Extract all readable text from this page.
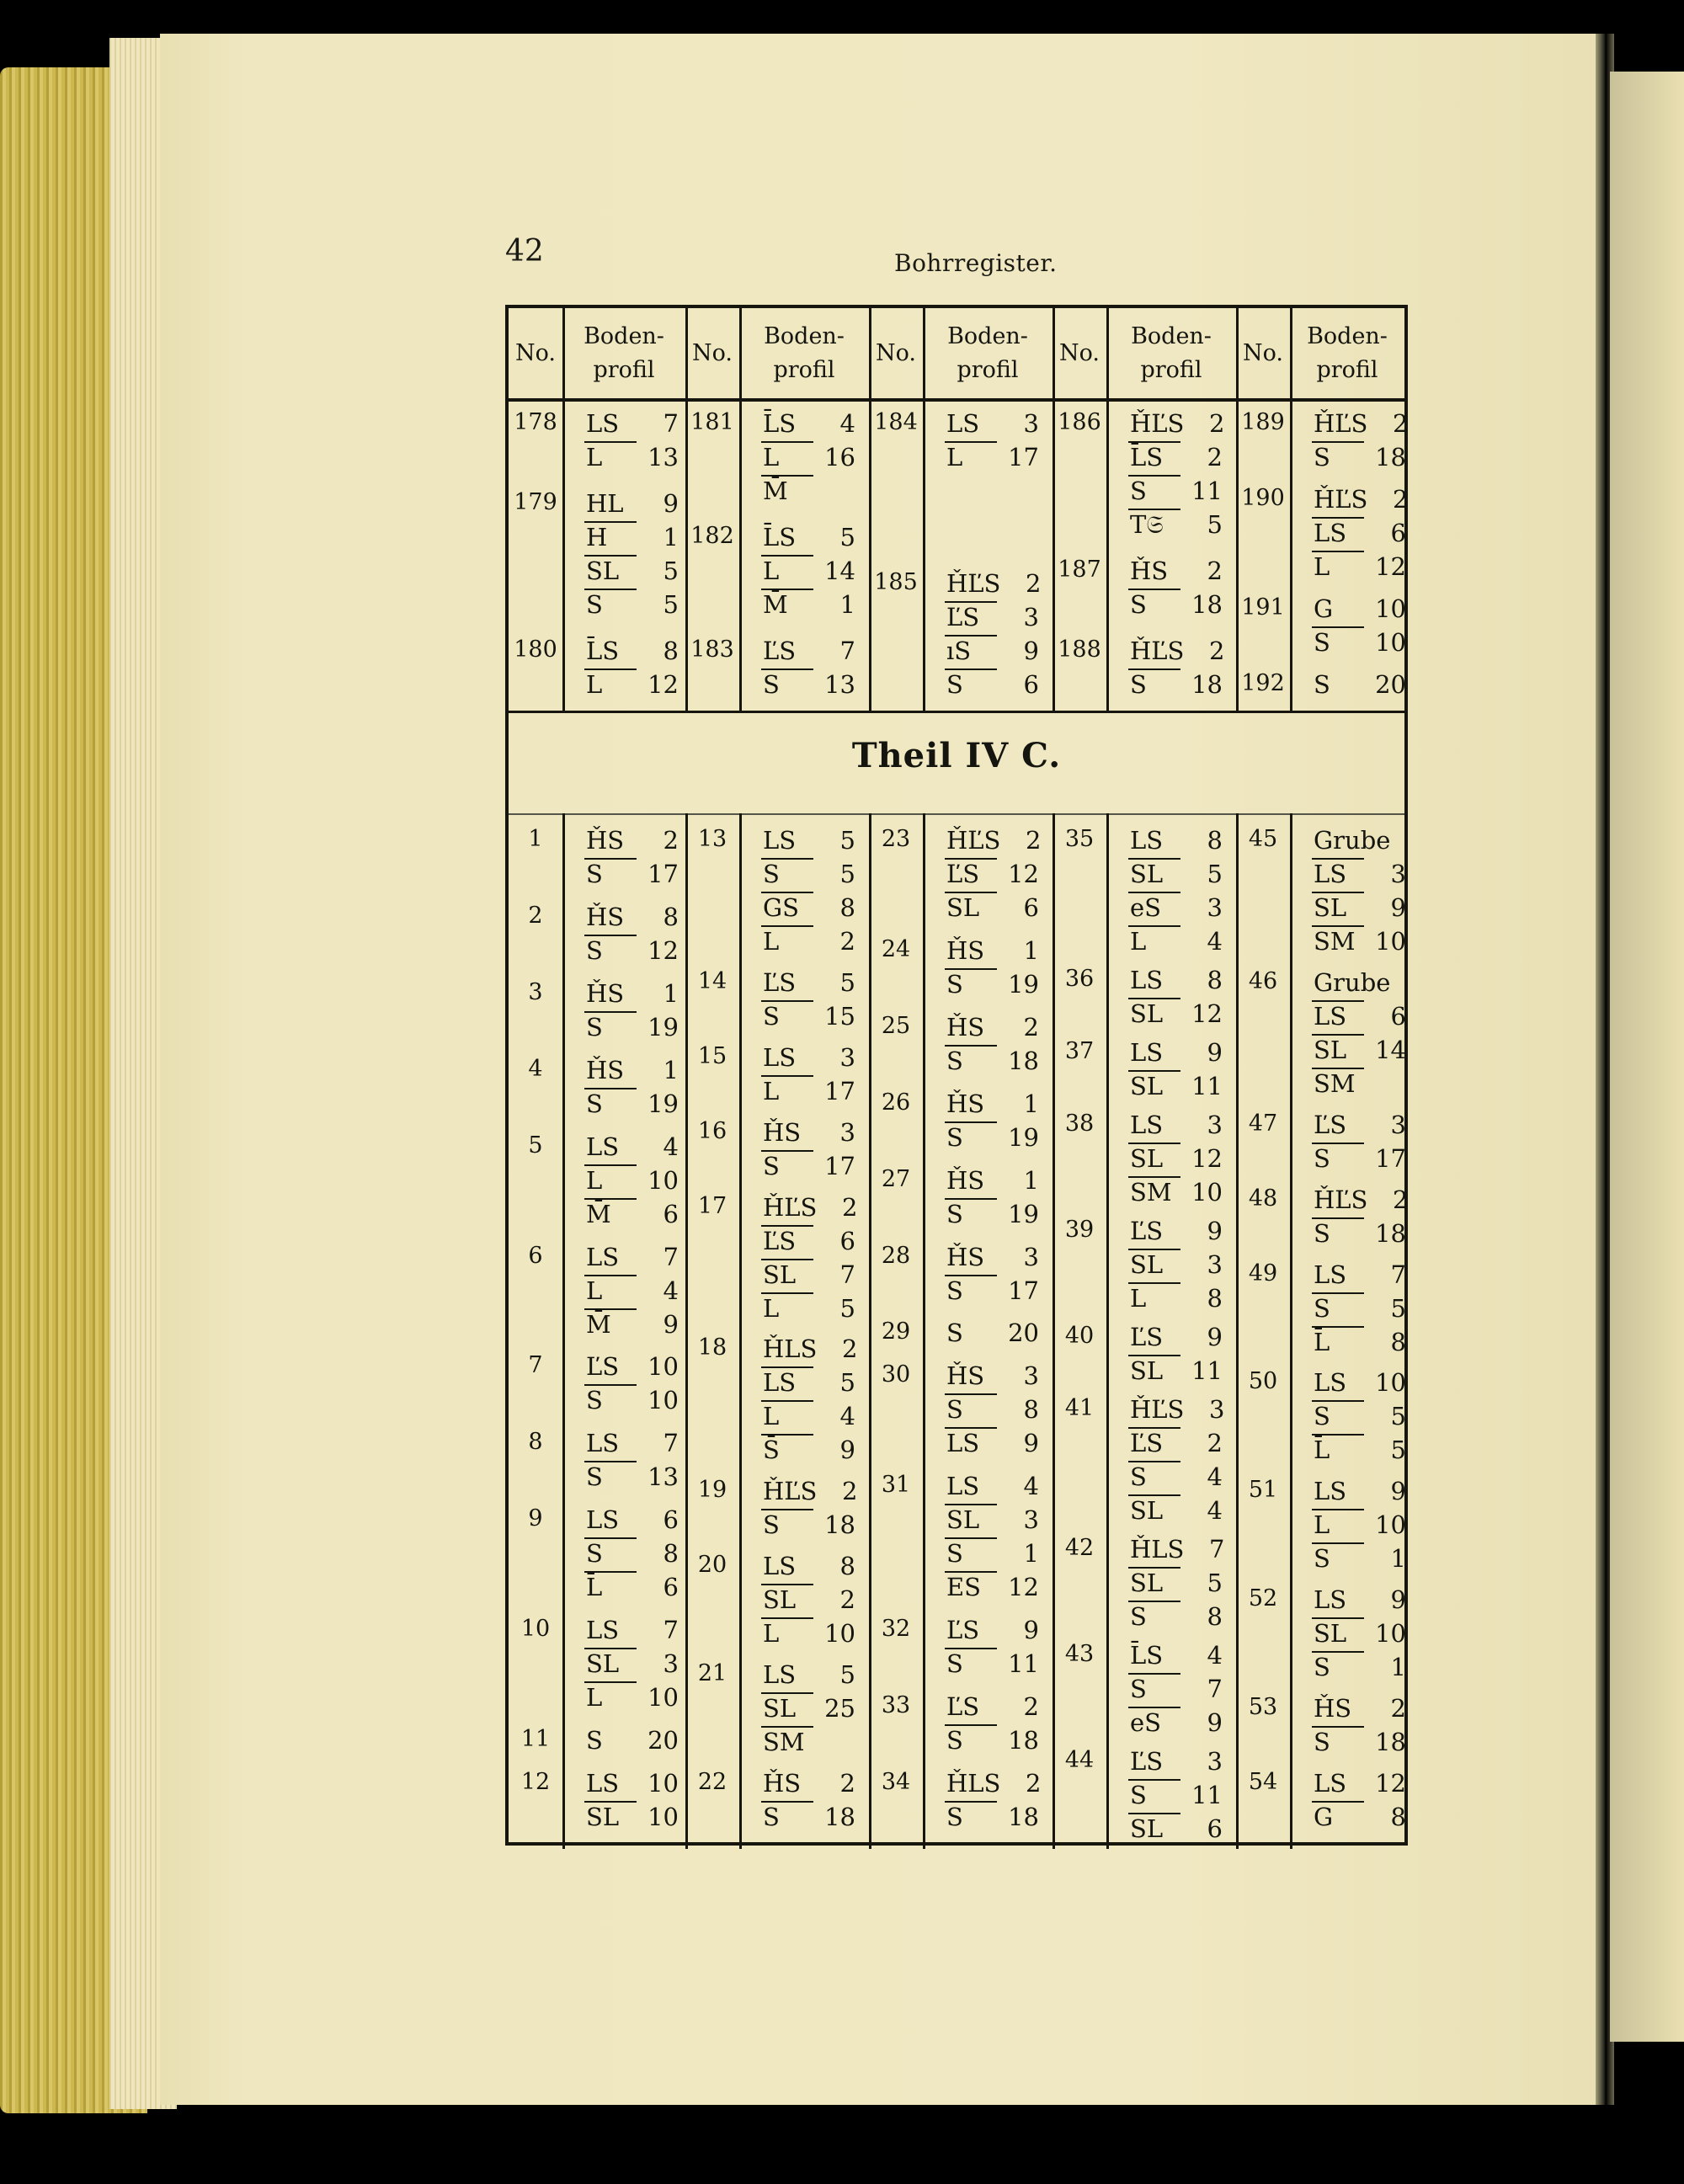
42	Bohrregister.
Theil IV C.
No.
Boden-
profil
No.
Boden-
profil
No.
Boden-
profil
No.
Boden-
profil
No.
Boden-
profil
178 LS 7
L 13
179 HL 9
H 1
SL 5
S 5
180 L̄S 8
L 12
181 L̄S 4
L 16
M̄
182 L̄S 5
L 14
M̄ 1
183 ĽS 7
S 13
184 LS 3
L 17
185 ȞĽS 2
ĽS 3
ıS 9
S 6
186 ȞĽS 2
L̄S 2
S 11
T𝔖 5
187 ȞS 2
S 18
188 ȞĽS 2
S 18
189 ȞĽS 2
S 18
190 ȞĽS 2
LS 6
L 12
191 G 10
S 10
192 S 20
1	ȞS 2
S 17
2	ȞS 8
S 12
3	ȞS 1
S 19
4	ȞS 1
S 19
5	LS 4
L 10
M̄ 6
6	LS 7
L 4
M̄ 9
7	ĽS 10
S 10
8	LS 7
S 13
9	LS 6
S 8
L̄ 6
10	LS 7
SL 3
L 10
11	S 20
12	LS 10
SL 10
13	LS 5
S 5
GS 8
L 2
14	ĽS 5
S 15
15	LS 3
L 17
16	ȞS 3
S 17
17	ȞĽS 2
ĽS 6
SL 7
L 5
18	ȞLS 2
LS 5
L 4
S̄ 9
19	ȞĽS 2
S 18
20	LS 8
SL 2
L 10
21	LS 5
SL 25
SM
22	ȞS 2
S 18
23	ȞĽS 2
ĽS 12
SL 6
24	ȞS 1
S 19
25	ȞS 2
S 18
26	ȞS 1
S 19
27	ȞS 1
S 19
28	ȞS 3
S 17
29	S 20
30	ȞS 3
S 8
LS 9
31	LS 4
SL 3
S 1
ES 12
32	ĽS 9
S 11
33	ĽS 2
S 18
34	ȞLS 2
S 18
35	LS 8
SL 5
eS 3
L 4
36	LS 8
SL 12
37	LS 9
SL 11
38	LS 3
SL 12
SM 10
39	ĽS 9
SL 3
L 8
40	ĽS 9
SL 11
41	ȞĽS 3
ĽS 2
S 4
SL 4
42	ȞLS 7
SL 5
S 8
43	L̄S 4
S 7
eS 9
44	ĽS 3
S 11
SL 6
45	Grube
LS 3
SL 9
SM 10
46	Grube
LS 6
SL 14
SM
47	ĽS 3
S 17
48	ȞĽS 2
S 18
49	LS 7
S 5
L̄ 8
50	LS 10
S 5
L̄ 5
51	LS 9
L 10
S 1
52	LS 9
SL 10
S 1
53	ȞS 2
S 18
54	LS 12
G 8
